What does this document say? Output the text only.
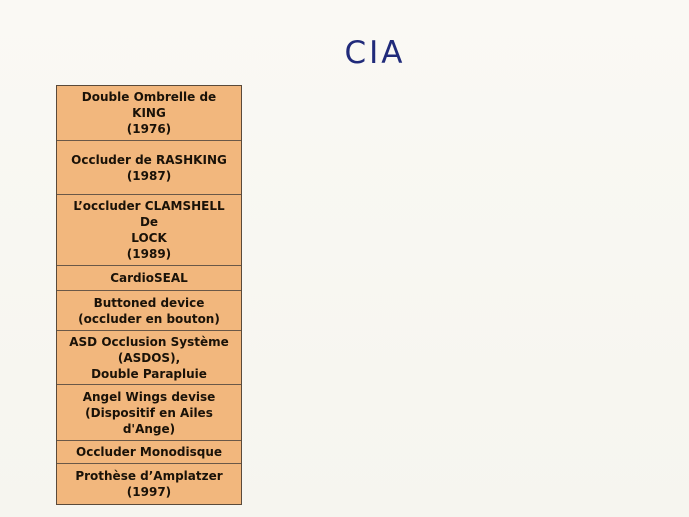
CIA
Double Ombrelle de
KING
(1976)
Occluder de RASHKING
(1987)
L’occluder CLAMSHELL
De
LOCK
(1989)
CardioSEAL
Buttoned device
(occluder en bouton)
ASD Occlusion Système
(ASDOS),
Double Parapluie
Angel Wings devise
(Dispositif en Ailes
d'Ange)
Occluder Monodisque
Prothèse d’Amplatzer
(1997)
